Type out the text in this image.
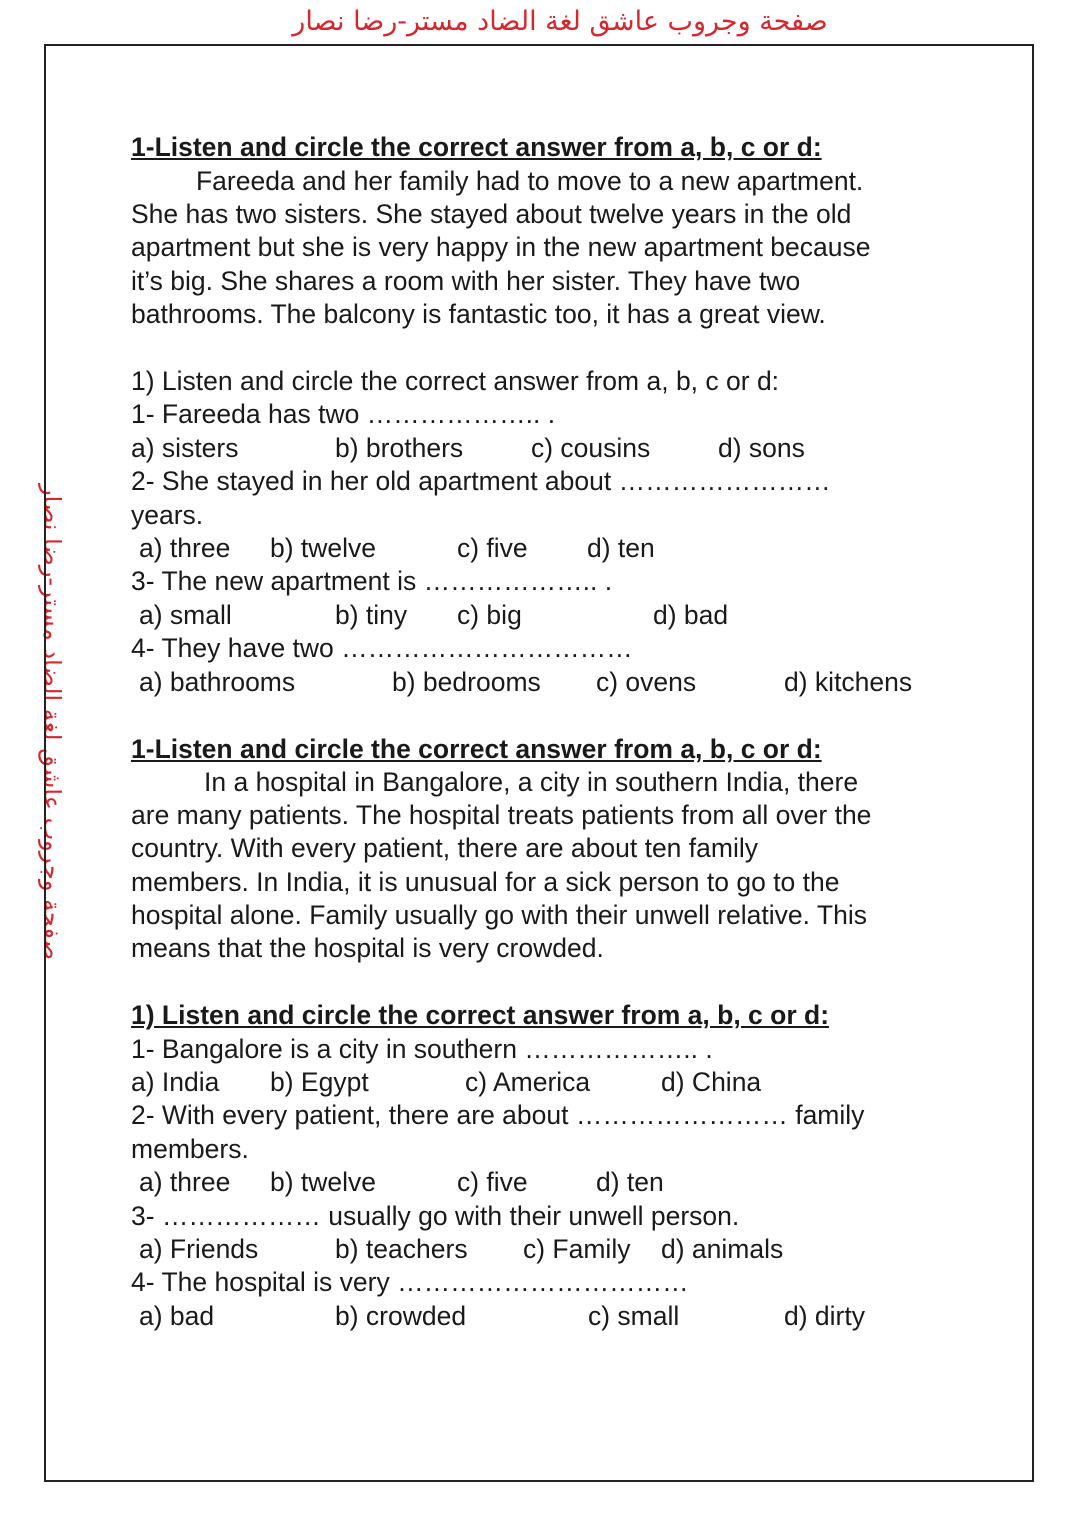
صفحة وجروب عاشق لغة الضاد مستر-رضا نصار
صفحة وجروب عاشق لغة الضاد مستر-رضا نصار
1-Listen and circle the correct answer from a, b, c or d:
Fareeda and her family had to move to a new apartment.
She has two sisters. She stayed about twelve years in the old
apartment but she is very happy in the new apartment because
it’s big. She shares a room with her sister. They have two
bathrooms. The balcony is fantastic too, it has a great view.
1) Listen and circle the correct answer from a, b, c or d:
1- Fareeda has two ……………….. .
a) sisters	b) brothers	c) cousins	d) sons
2- She stayed in her old apartment about ……………………
years.
a) three b) twelve	c) five d) ten
3- The new apartment is ……………….. .
a) small	b) tiny c) big	d) bad
4- They have two ……………………………
a) bathrooms	b) bedrooms c) ovens	d) kitchens
1-Listen and circle the correct answer from a, b, c or d:
In a hospital in Bangalore, a city in southern India, there
are many patients. The hospital treats patients from all over the
country. With every patient, there are about ten family
members. In India, it is unusual for a sick person to go to the
hospital alone. Family usually go with their unwell relative. This
means that the hospital is very crowded.
1) Listen and circle the correct answer from a, b, c or d:
1- Bangalore is a city in southern ……………….. .
a) India b) Egypt	c) America	d) China
2- With every patient, there are about …………………… family
members.
a) three b) twelve	c) five	d) ten
3- ……………… usually go with their unwell person.
a) Friends	b) teachers c) Family d) animals
4- The hospital is very ……………………………
a) bad	b) crowded	c) small	d) dirty
